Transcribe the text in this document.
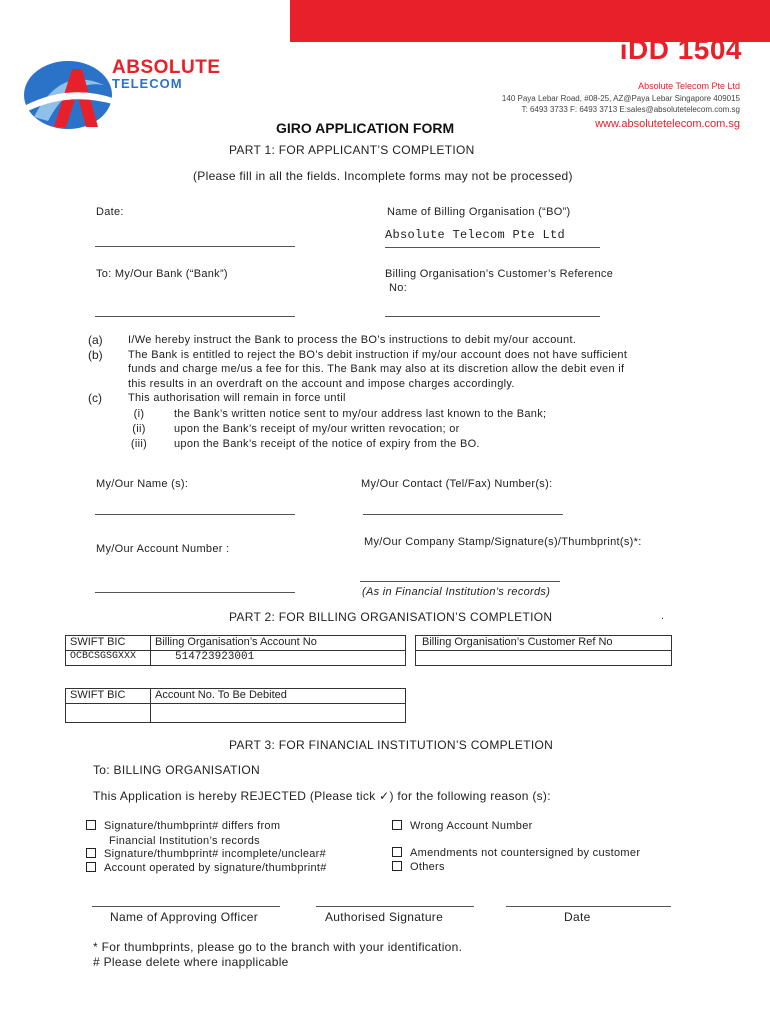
ABSOLUTE
TELECOM
iDD 1504
Absolute Telecom Pte Ltd
140 Paya Lebar Road, #08-25, AZ@Paya Lebar Singapore 409015
T: 6493 3733 F: 6493 3713 E:sales@absolutetelecom.com.sg
www.absolutetelecom.com.sg
GIRO APPLICATION FORM
PART 1: FOR APPLICANT’S COMPLETION
(Please fill in all the fields. Incomplete forms may not be processed)
Date:	Name of Billing Organisation (“BO”)
Absolute Telecom Pte Ltd
To: My/Our Bank (“Bank”)	Billing Organisation’s Customer’s Reference
No:
(a) I/We hereby instruct the Bank to process the BO’s instructions to debit my/our account.
(b) The Bank is entitled to reject the BO’s debit instruction if my/our account does not have sufficient
funds and charge me/us a fee for this. The Bank may also at its discretion allow the debit even if
this results in an overdraft on the account and impose charges accordingly.
(c) This authorisation will remain in force until
(i)	the Bank’s written notice sent to my/our address last known to the Bank;
(ii)	upon the Bank’s receipt of my/our written revocation; or
(iii) upon the Bank’s receipt of the notice of expiry from the BO.
My/Our Name (s):	My/Our Contact (Tel/Fax) Number(s):
My/Our Account Number :
My/Our Company Stamp/Signature(s)/Thumbprint(s)*:
(As in Financial Institution’s records)
PART 2: FOR BILLING ORGANISATION’S COMPLETION	.
SWIFT BIC	Billing Organisation’s Account No
OCBCSGSGXXX	514723923001
Billing Organisation’s Customer Ref No

SWIFT BIC	Account No. To Be Debited

PART 3: FOR FINANCIAL INSTITUTION’S COMPLETION
To: BILLING ORGANISATION
This Application is hereby REJECTED (Please tick ✓) for the following reason (s):
Signature/thumbprint# differs from
Financial Institution’s records
Signature/thumbprint# incomplete/unclear#
Account operated by signature/thumbprint#
Wrong Account Number
Amendments not countersigned by customer
Others
Name of Approving Officer	Authorised Signature	Date
* For thumbprints, please go to the branch with your identification.
# Please delete where inapplicable
